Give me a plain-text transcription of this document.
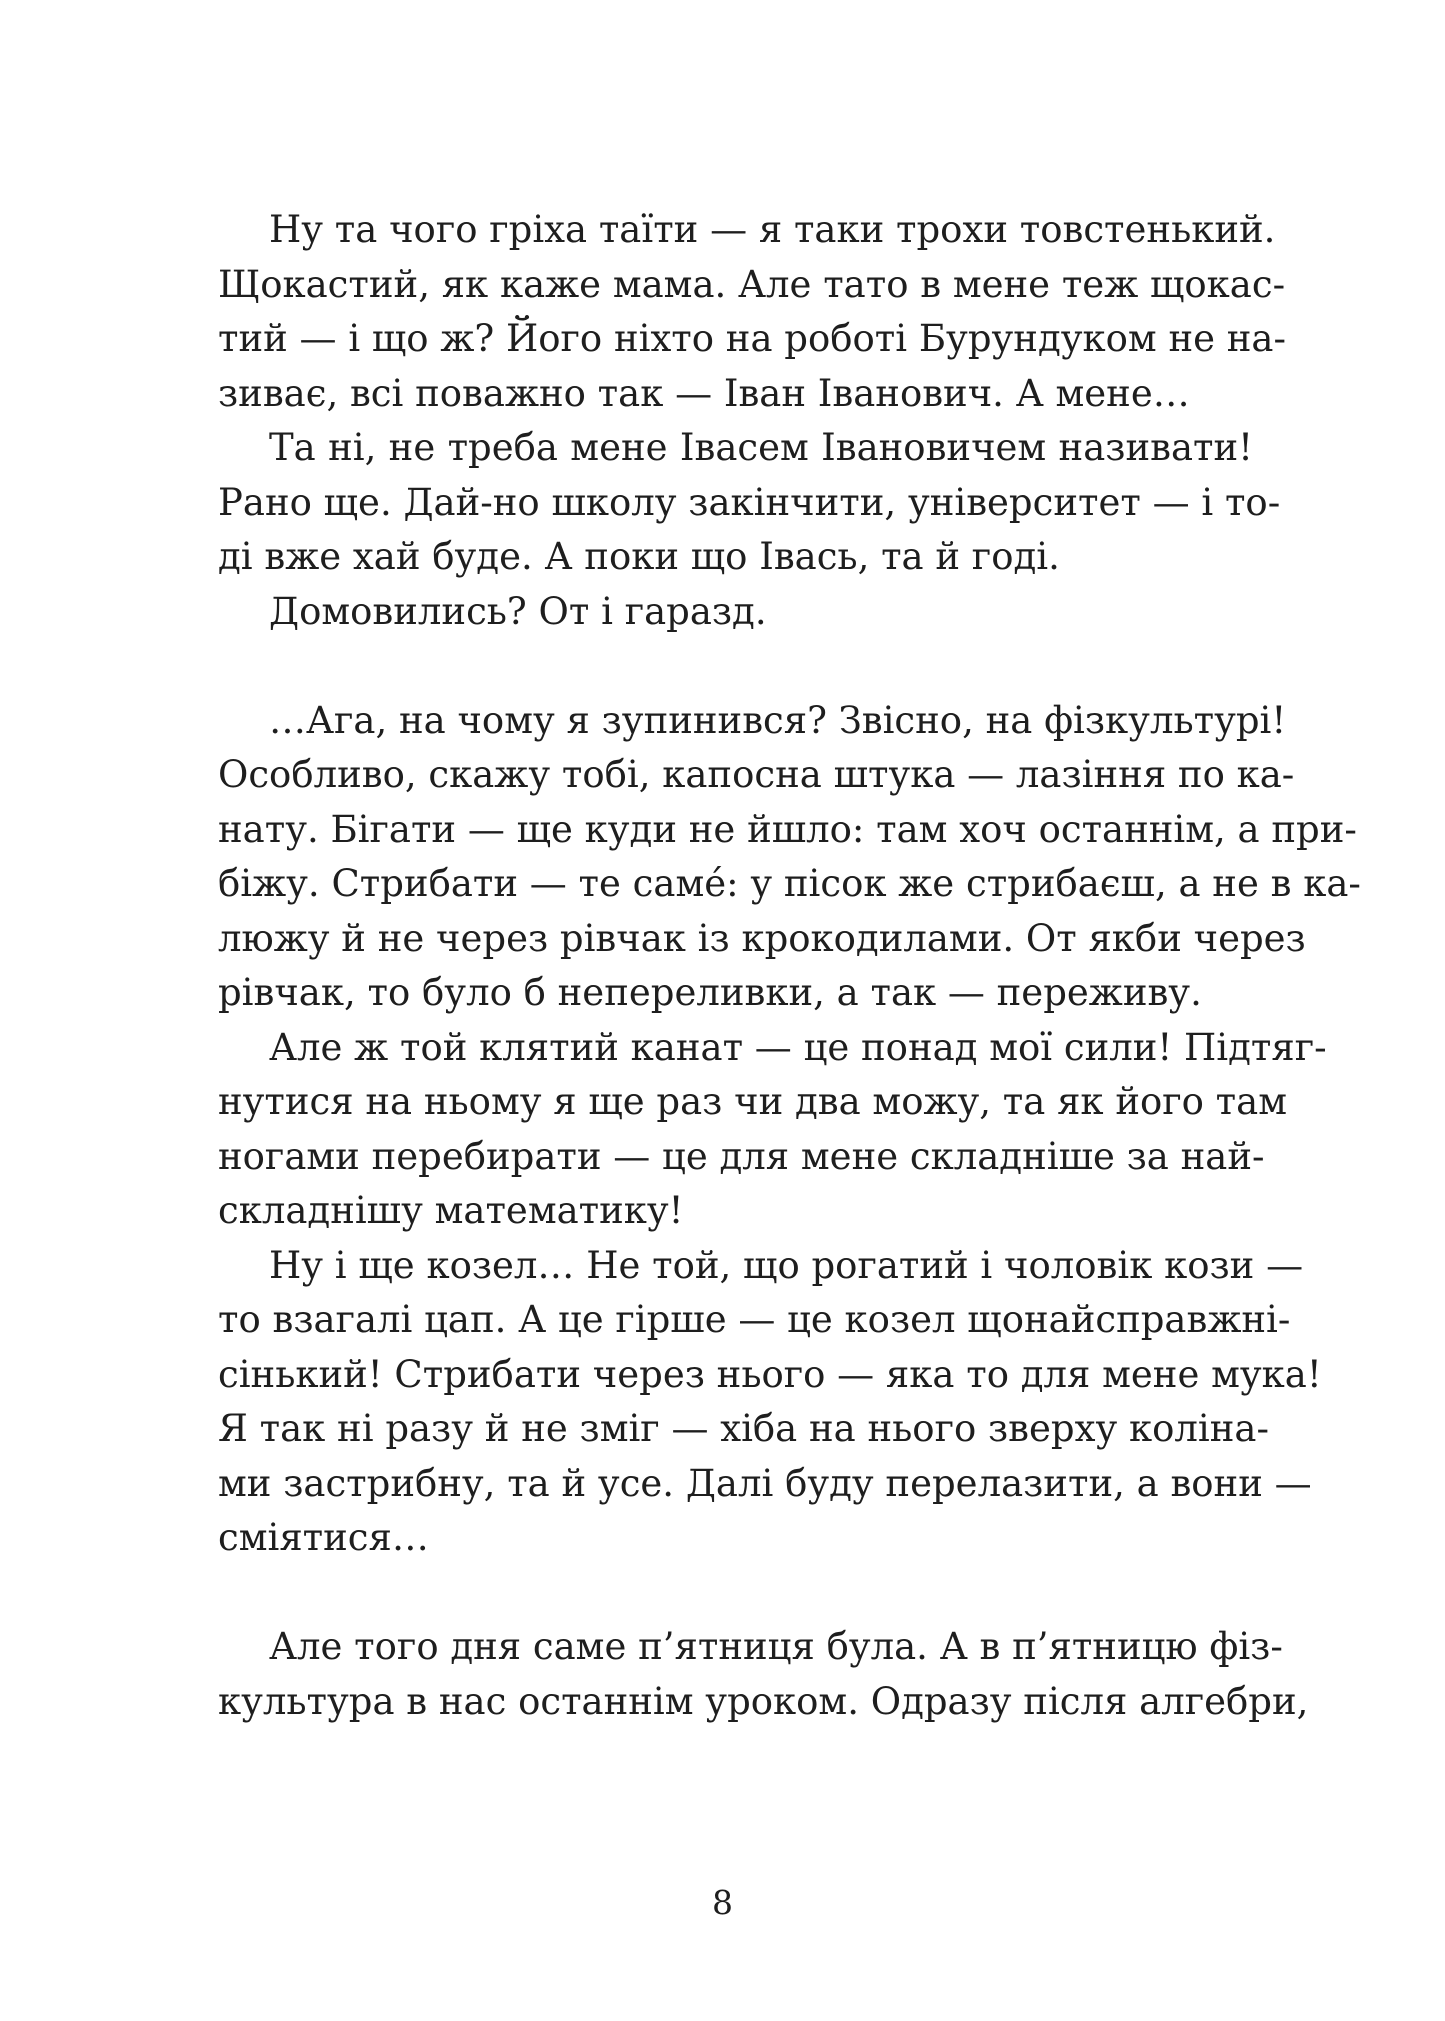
Ну та чого гріха таїти — я таки трохи товстенький.
Щокастий, як каже мама. Але тато в мене теж щокас-
тий — і що ж? Його ніхто на роботі Бурундуком не на-
зиває, всі поважно так — Іван Іванович. А мене…
Та ні, не треба мене Івасем Івановичем називати!
Рано ще. Дай-но школу закінчити, університет — і то-
ді вже хай буде. А поки що Івась, та й годі.
Домовились? От і гаразд.
…Ага, на чому я зупинився? Звісно, на фізкультурі!
Особливо, скажу тобі, капосна штука — лазіння по ка-
нату. Бігати — ще куди не йшло: там хоч останнім, а при-
біжу. Стрибати — те самé: у пісок же стрибаєш, а не в ка-
люжу й не через рівчак із крокодилами. От якби через
рівчак, то було б непереливки, а так — переживу.
Але ж той клятий канат — це понад мої сили! Підтяг-
нутися на ньому я ще раз чи два можу, та як його там
ногами перебирати — це для мене складніше за най-
складнішу математику!
Ну і ще козел… Не той, що рогатий і чоловік кози —
то взагалі цап. А це гірше — це козел щонайсправжні-
сінький! Стрибати через нього — яка то для мене мука!
Я так ні разу й не зміг — хіба на нього зверху коліна-
ми застрибну, та й усе. Далі буду перелазити, а вони —
сміятися…
Але того дня саме п’ятниця була. А в п’ятницю фіз-
культура в нас останнім уроком. Одразу після алгебри,
8
